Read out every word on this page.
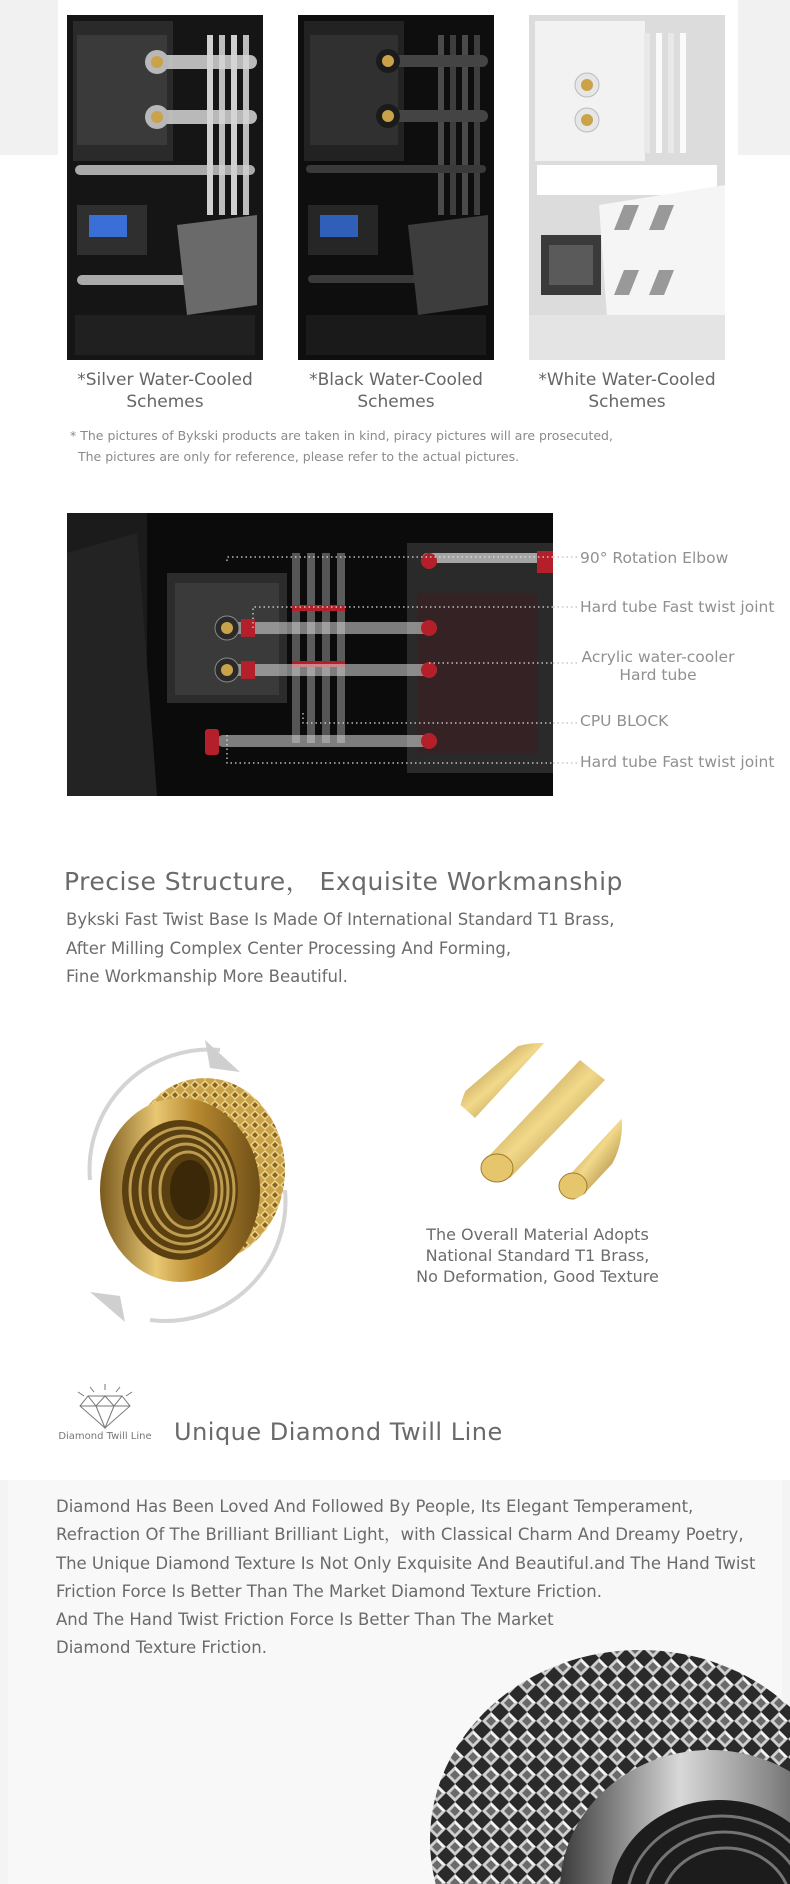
*Silver Water-Cooled
Schemes
*Black Water-Cooled
Schemes
*White Water-Cooled
Schemes
* The pictures of Bykski products are taken in kind, piracy pictures will are prosecuted,
The pictures are only for reference, please refer to the actual pictures.
90° Rotation Elbow
Hard tube Fast twist joint
Acrylic water-cooler
Hard tube
CPU BLOCK
Hard tube Fast twist joint
Precise Structure， Exquisite Workmanship
Bykski Fast Twist Base Is Made Of International Standard T1 Brass,
After Milling Complex Center Processing And Forming,
Fine Workmanship More Beautiful.
The Overall Material Adopts
National Standard T1 Brass,
No Deformation, Good Texture
Diamond Twill Line Unique Diamond Twill Line

Diamond Has Been Loved And Followed By People, Its Elegant Temperament,

Refraction Of The Brilliant Brilliant Light，with Classical Charm And Dreamy Poetry,

The Unique Diamond Texture Is Not Only Exquisite And Beautiful.and The Hand Twist

Friction Force Is Better Than The Market Diamond Texture Friction.

And The Hand Twist Friction Force Is Better Than The Market

Diamond Texture Friction.
